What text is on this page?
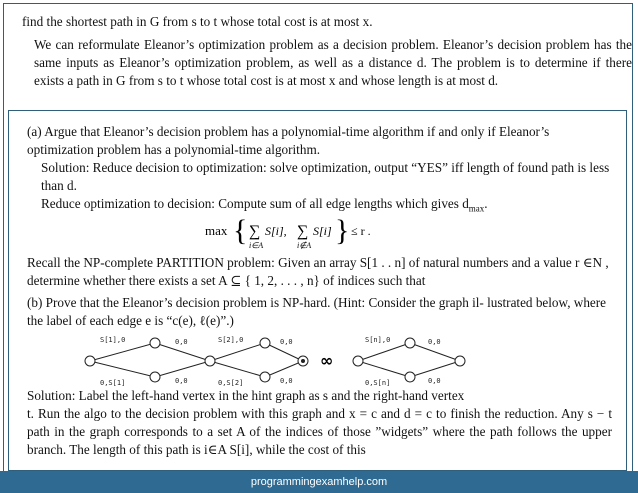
find the shortest path in G from s to t whose total cost is at most x.
We can reformulate Eleanor’s optimization problem as a decision problem. Eleanor’s decision problem has the same inputs as Eleanor’s optimization problem, as well as a distance d. The problem is to determine if there exists a path in G from s to t whose total cost is at most x and whose length is at most d.
(a) Argue that Eleanor’s decision problem has a polynomial-time algorithm if and only if Eleanor’s optimization problem has a polynomial-time algorithm.
Solution: Reduce decision to optimization: solve optimization, output “YES” iff length of found path is less than d.
Reduce optimization to decision: Compute sum of all edge lengths which gives $d_{max}$.
max { ∑
i∈A
S[i], ∑
i∉A
S[i] } ≤ r .
Recall the NP-complete PARTITION problem: Given an array S[1 . . n] of natural numbers and a value r ∈N , determine whether there exists a set A ⊆ { 1, 2, . . . , n} of indices such that
(b) Prove that the Eleanor’s decision problem is NP-hard. (Hint: Consider the graph il- lustrated below, where the label of each edge e is “c(e), ℓ(e)”.)
∞
S[1],0	0,0	S[2],0	0,0	S[n],0	0,0
0,S[1]	0,0	0,S[2]	0,0	0,S[n]	0,0
Solution: Label the left-hand vertex in the hint graph as s and the right-hand vertex
t. Run the algo to the decision problem with this graph and x = c and d = c to finish the reduction. Any s − t path in the graph corresponds to a set A of the indices of those ”widgets” where the path follows the upper branch. The length of this path is i∈A S[i], while the cost of this
programmingexamhelp.com
